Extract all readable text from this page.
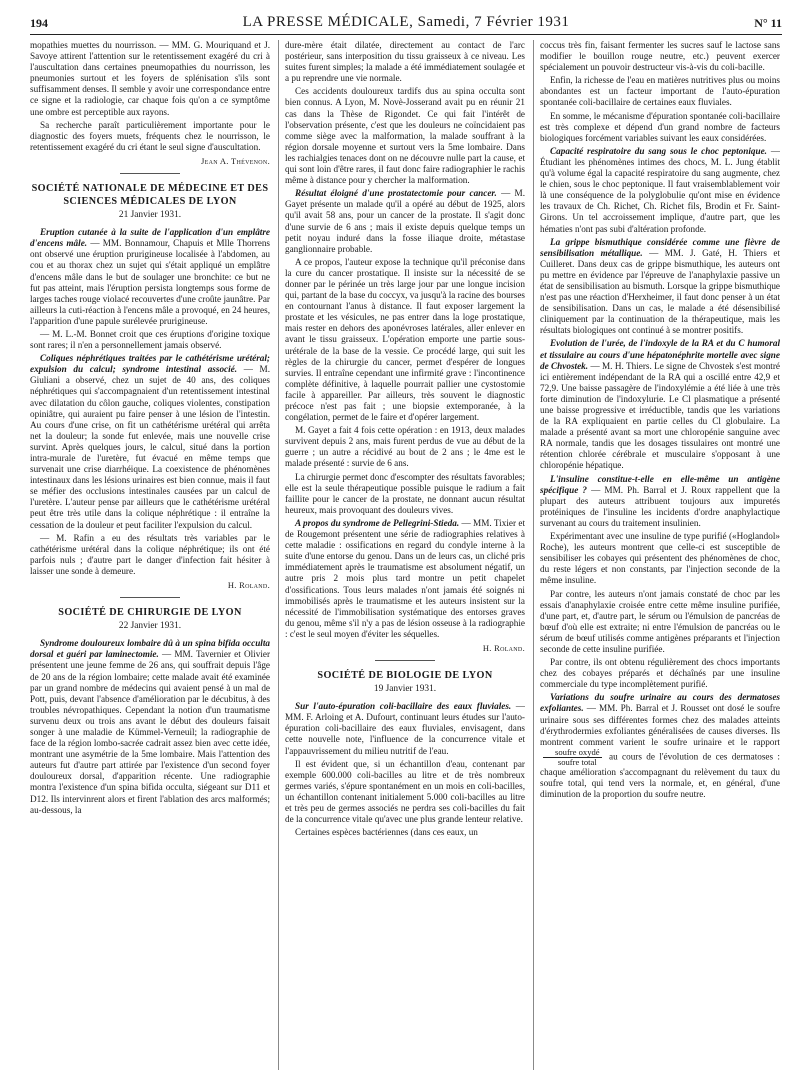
194	LA PRESSE MÉDICALE, Samedi, 7 Février 1931	N° 11

mopathies muettes du nourrisson. — MM. G. Mouriquand et J. Savoye attirent l'attention sur le retentissement exagéré du cri à l'auscultation dans certaines pneumopathies du nourrisson, les pneumonies surtout et les foyers de splénisation s'ils sont suffisamment denses. Il semble y avoir une correspondance entre ce signe et la radiologie, car chaque fois qu'on a ce symptôme une ombre est perceptible aux rayons.

Sa recherche paraît particulièrement importante pour le diagnostic des foyers muets, fréquents chez le nourrisson, le retentissement exagéré du cri étant le seul signe d'auscultation.

Jean A. Thévenon.

SOCIÉTÉ NATIONALE DE MÉDECINE ET DES SCIENCES MÉDICALES DE LYON

21 Janvier 1931.

Eruption cutanée à la suite de l'application d'un emplâtre d'encens mâle. — MM. Bonnamour, Chapuis et Mlle Thorrens ont observé une éruption prurigineuse localisée à l'abdomen, au cou et au thorax chez un sujet qui s'était appliqué un emplâtre d'encens mâle dans le but de soulager une bronchite: ce but ne fut pas atteint, mais l'éruption persista longtemps sous forme de larges taches rouge violacé recouvertes d'une croûte jaunâtre. Par ailleurs la cuti-réaction à l'encens mâle a provoqué, en 24 heures, l'apparition d'une papule surélevée prurigineuse.

— M. L.-M. Bonnet croit que ces éruptions d'origine toxique sont rares; il n'en a personnellement jamais observé.

Coliques néphrétiques traitées par le cathétérisme urétéral; expulsion du calcul; syndrome intestinal associé. — M. Giuliani a observé, chez un sujet de 40 ans, des coliques néphrétiques qui s'accompagnaient d'un retentissement intestinal avec dilatation du côlon gauche, coliques violentes, constipation opiniâtre, qui auraient pu faire penser à une lésion de l'intestin. Au cours d'une crise, on fit un cathétérisme urétéral qui arrêta net la douleur; la sonde fut enlevée, mais une nouvelle crise survint. Après quelques jours, le calcul, situé dans la portion intra-murale de l'uretère, fut évacué en même temps que survenait une crise diarrhéique. La coexistence de phénomènes intestinaux dans les lésions urinaires est bien connue, mais il faut se méfier des occlusions intestinales causées par un calcul de l'uretère. L'auteur pense par ailleurs que le cathétérisme urétéral peut être très utile dans la colique néphrétique : il entraîne la cessation de la douleur et peut faciliter l'expulsion du calcul.

— M. Rafin a eu des résultats très variables par le cathétérisme urétéral dans la colique néphrétique; ils ont été parfois nuls ; d'autre part le danger d'infection fait hésiter à laisser une sonde à demeure.

H. Roland.

SOCIÉTÉ DE CHIRURGIE DE LYON

22 Janvier 1931.

Syndrome douloureux lombaire dû à un spina bifida occulta dorsal et guéri par laminectomie. — MM. Tavernier et Olivier présentent une jeune femme de 26 ans, qui souffrait depuis l'âge de 20 ans de la région lombaire; cette malade avait été examinée par un grand nombre de médecins qui avaient pensé à un mal de Pott, puis, devant l'absence d'amélioration par le décubitus, à des troubles névropathiques. Cependant la notion d'un traumatisme survenu deux ou trois ans avant le début des douleurs faisait songer à une maladie de Kümmel-Verneuil; la radiographie de face de la région lombo-sacrée cadrait assez bien avec cette idée, montrant une asymétrie de la 5me lombaire. Mais l'attention des auteurs fut d'autre part attirée par l'existence d'un second foyer douloureux dorsal, d'apparition récente. Une radiographie montra l'existence d'un spina bifida occulta, siégeant sur D11 et D12. Ils intervinrent alors et firent l'ablation des arcs malformés; au-dessous, la

dure-mère était dilatée, directement au contact de l'arc postérieur, sans interposition du tissu graisseux à ce niveau. Les suites furent simples; la malade a été immédiatement soulagée et a pu reprendre une vie normale.

Ces accidents douloureux tardifs dus au spina occulta sont bien connus. A Lyon, M. Novè-Josserand avait pu en réunir 21 cas dans la Thèse de Rigondet. Ce qui fait l'intérêt de l'observation présente, c'est que les douleurs ne coïncidaient pas comme siège avec la malformation, la malade souffrant à la région dorsale moyenne et surtout vers la 5me lombaire. Dans les rachialgies tenaces dont on ne découvre nulle part la cause, et qui sont loin d'être rares, il faut donc faire radiographier le rachis même à distance pour y chercher la malformation.

Résultat éloigné d'une prostatectomie pour cancer. — M. Gayet présente un malade qu'il a opéré au début de 1925, alors qu'il avait 58 ans, pour un cancer de la prostate. Il s'agit donc d'une survie de 6 ans ; mais il existe depuis quelque temps un petit noyau induré dans la fosse iliaque droite, métastase ganglionnaire probable.

A ce propos, l'auteur expose la technique qu'il préconise dans la cure du cancer prostatique. Il insiste sur la nécessité de se donner par le périnée un très large jour par une longue incision qui, partant de la base du coccyx, va jusqu'à la racine des bourses en contournant l'anus à distance. Il faut exposer largement la prostate et les vésicules, ne pas entrer dans la loge prostatique, mais rester en dehors des aponévroses latérales, aller enlever en avant le tissu graisseux. L'opération emporte une partie sous-urétérale de la base de la vessie. Ce procédé large, qui suit les règles de la chirurgie du cancer, permet d'espérer de longues survies. Il entraîne cependant une infirmité grave : l'incontinence complète définitive, à laquelle pourrait pallier une cystostomie facile à appareiller. Par ailleurs, très souvent le diagnostic précoce n'est pas fait ; une biopsie extemporanée, à la congélation, permet de le faire et d'opérer largement.

M. Gayet a fait 4 fois cette opération : en 1913, deux malades survivent depuis 2 ans, mais furent perdus de vue au début de la guerre ; un autre a récidivé au bout de 2 ans ; le 4me est le malade présenté : survie de 6 ans.

La chirurgie permet donc d'escompter des résultats favorables; elle est la seule thérapeutique possible puisque le radium a fait faillite pour le cancer de la prostate, ne donnant aucun résultat heureux, mais provoquant des douleurs vives.

A propos du syndrome de Pellegrini-Stieda. — MM. Tixier et de Rougemont présentent une série de radiographies relatives à cette maladie : ossifications en regard du condyle interne à la suite d'une entorse du genou. Dans un de leurs cas, un cliché pris immédiatement après le traumatisme est absolument négatif, un autre pris 2 mois plus tard montre un petit chapelet d'ossifications. Tous leurs malades n'ont jamais été soignés ni immobilisés après le traumatisme et les auteurs insistent sur la nécessité de l'immobilisation systématique des entorses graves du genou, même s'il n'y a pas de lésion osseuse à la radiographie : c'est le seul moyen d'éviter les séquelles.

H. Roland.

SOCIÉTÉ DE BIOLOGIE DE LYON

19 Janvier 1931.

Sur l'auto-épuration coli-bacillaire des eaux fluviales. — MM. F. Arloing et A. Dufourt, continuant leurs études sur l'auto-épuration coli-bacillaire des eaux fluviales, envisagent, dans cette nouvelle note, l'influence de la concurrence vitale et l'appauvrissement du milieu nutritif de l'eau.

Il est évident que, si un échantillon d'eau, contenant par exemple 600.000 coli-bacilles au litre et de très nombreux germes variés, s'épure spontanément en un mois en coli-bacilles, un échantillon contenant initialement 5.000 coli-bacilles au litre et très peu de germes associés ne perdra ses coli-bacilles du fait de la concurrence vitale qu'avec une plus grande lenteur relative.

Certaines espèces bactériennes (dans ces eaux, un

coccus très fin, faisant fermenter les sucres sauf le lactose sans modifier le bouillon rouge neutre, etc.) peuvent exercer spécialement un pouvoir destructeur vis-à-vis du coli-bacille.

Enfin, la richesse de l'eau en matières nutritives plus ou moins abondantes est un facteur important de l'auto-épuration spontanée coli-bacillaire de certaines eaux fluviales.

En somme, le mécanisme d'épuration spontanée coli-bacillaire est très complexe et dépend d'un grand nombre de facteurs biologiques forcément variables suivant les eaux considérées.

Capacité respiratoire du sang sous le choc peptonique. — Étudiant les phénomènes intimes des chocs, M. L. Jung établit qu'à volume égal la capacité respiratoire du sang augmente, chez le chien, sous le choc peptonique. Il faut vraisemblablement voir là une conséquence de la polyglobulie qu'ont mise en évidence les travaux de Ch. Richet, Ch. Richet fils, Brodin et Fr. Saint-Girons. Un tel accroissement implique, d'autre part, que les hématies n'ont pas subi d'altération profonde.

La grippe bismuthique considérée comme une fièvre de sensibilisation métallique. — MM. J. Gaté, H. Thiers et Cuilleret. Dans deux cas de grippe bismuthique, les auteurs ont pu mettre en évidence par l'épreuve de l'anaphylaxie passive un état de sensibilisation au bismuth. Lorsque la grippe bismuthique n'est pas une réaction d'Herxheimer, il faut donc penser à un état de sensibilisation. Dans un cas, le malade a été désensibilisé cliniquement par la continuation de la thérapeutique, mais les résultats biologiques ont continué à se montrer positifs.

Evolution de l'urée, de l'indoxyle de la RA et du C humoral et tissulaire au cours d'une hépatonéphrite mortelle avec signe de Chvostek. — M. H. Thiers. Le signe de Chvostek s'est montré ici entièrement indépendant de la RA qui a oscillé entre 42,9 et 72,9. Une baisse passagère de l'indoxylémie a été liée à une très forte diminution de l'indoxylurie. Le Cl plasmatique a présenté une baisse progressive et irréductible, tandis que les variations de la RA expliquaient en partie celles du Cl globulaire. La malade a présenté avant sa mort une chloropénie sanguine avec RA normale, tandis que les dosages tissulaires ont montré une rétention chlorée cérébrale et musculaire s'opposant à une chloropénie hépatique.

L'insuline constitue-t-elle en elle-même un antigène spécifique ? — MM. Ph. Barral et J. Roux rappellent que la plupart des auteurs attribuent toujours aux impuretés protéiniques de l'insuline les incidents d'ordre anaphylactique survenant au cours du traitement insulinien.

Expérimentant avec une insuline de type purifié («Hoglandol» Roche), les auteurs montrent que celle-ci est susceptible de sensibiliser les cobayes qui présentent des phénomènes de choc, du reste légers et non constants, par l'injection seconde de la même insuline.

Par contre, les auteurs n'ont jamais constaté de choc par les essais d'anaphylaxie croisée entre cette même insuline purifiée, d'une part, et, d'autre part, le sérum ou l'émulsion de pancréas de bœuf d'où elle est extraite; ni entre l'émulsion de pancréas ou le sérum de bœuf utilisés comme antigènes préparants et l'injection seconde de cette insuline purifiée.

Par contre, ils ont obtenu régulièrement des chocs importants chez des cobayes préparés et déchaînés par une insuline commerciale du type incomplètement purifié.

Variations du soufre urinaire au cours des dermatoses exfoliantes. — MM. Ph. Barral et J. Rousset ont dosé le soufre urinaire sous ses différentes formes chez des malades atteints d'érythrodermies exfoliantes généralisées de causes diverses. Ils montrent comment varient le soufre urinaire et le rapport
$\frac{\text{soufre oxydé}}{\text{soufre total}}$ au cours de l'évolution de ces dermatoses : chaque amélioration s'accompagnant du relèvement du taux du soufre total, qui tend vers la normale, et, en général, d'une diminution de la proportion du soufre neutre.
